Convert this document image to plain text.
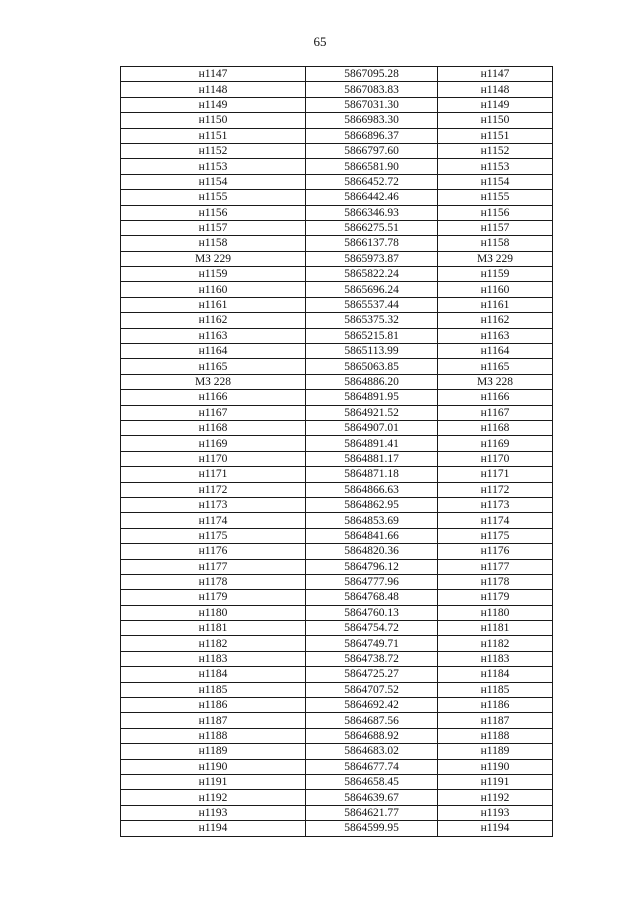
65
н1147	5867095.28	н1147
н1148	5867083.83	н1148
н1149	5867031.30	н1149
н1150	5866983.30	н1150
н1151	5866896.37	н1151
н1152	5866797.60	н1152
н1153	5866581.90	н1153
н1154	5866452.72	н1154
н1155	5866442.46	н1155
н1156	5866346.93	н1156
н1157	5866275.51	н1157
н1158	5866137.78	н1158
МЗ 229	5865973.87	МЗ 229
н1159	5865822.24	н1159
н1160	5865696.24	н1160
н1161	5865537.44	н1161
н1162	5865375.32	н1162
н1163	5865215.81	н1163
н1164	5865113.99	н1164
н1165	5865063.85	н1165
МЗ 228	5864886.20	МЗ 228
н1166	5864891.95	н1166
н1167	5864921.52	н1167
н1168	5864907.01	н1168
н1169	5864891.41	н1169
н1170	5864881.17	н1170
н1171	5864871.18	н1171
н1172	5864866.63	н1172
н1173	5864862.95	н1173
н1174	5864853.69	н1174
н1175	5864841.66	н1175
н1176	5864820.36	н1176
н1177	5864796.12	н1177
н1178	5864777.96	н1178
н1179	5864768.48	н1179
н1180	5864760.13	н1180
н1181	5864754.72	н1181
н1182	5864749.71	н1182
н1183	5864738.72	н1183
н1184	5864725.27	н1184
н1185	5864707.52	н1185
н1186	5864692.42	н1186
н1187	5864687.56	н1187
н1188	5864688.92	н1188
н1189	5864683.02	н1189
н1190	5864677.74	н1190
н1191	5864658.45	н1191
н1192	5864639.67	н1192
н1193	5864621.77	н1193
н1194	5864599.95	н1194
